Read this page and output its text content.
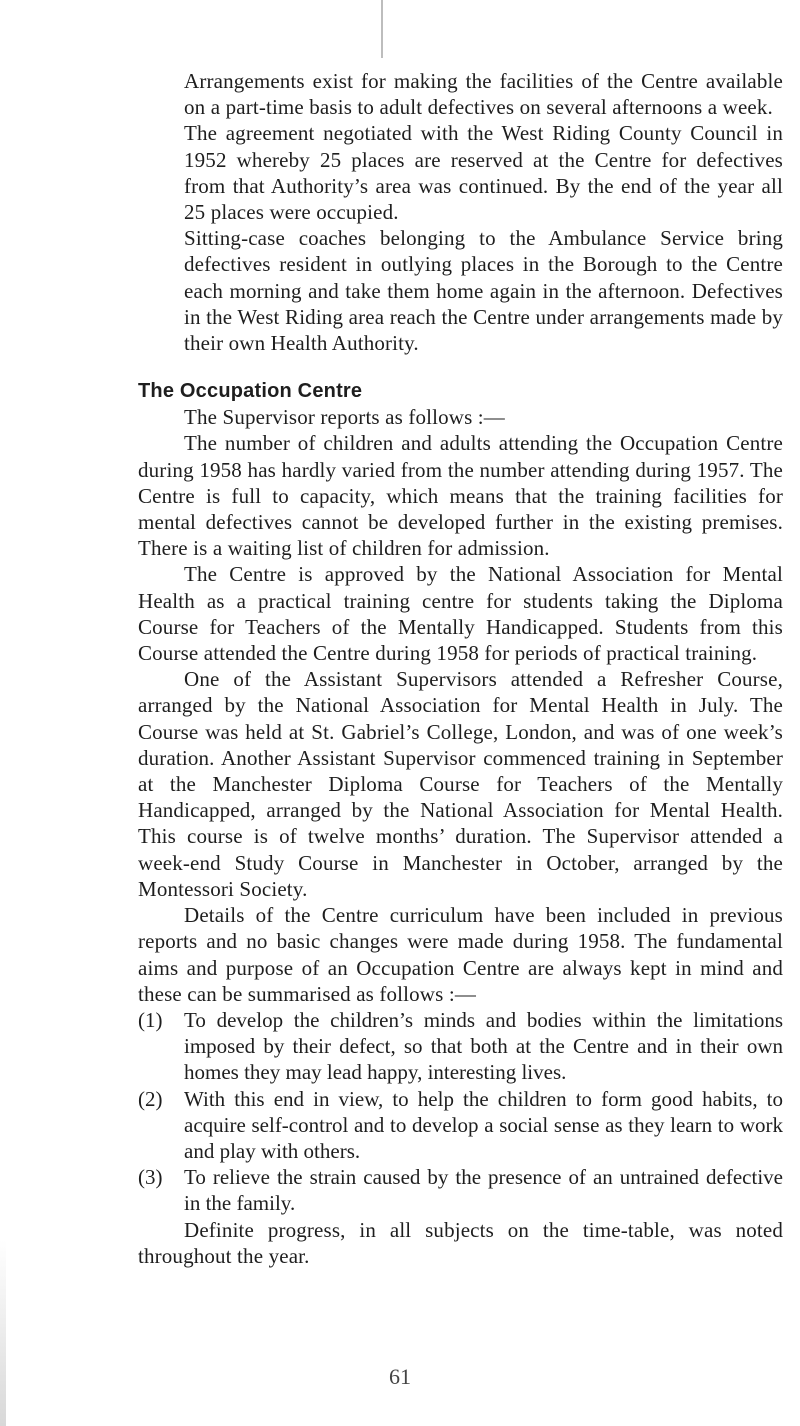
Arrangements exist for making the facilities of the Centre available on a part-time basis to adult defectives on several afternoons a week.

The agreement negotiated with the West Riding County Council in 1952 whereby 25 places are reserved at the Centre for defectives from that Authority’s area was continued. By the end of the year all 25 places were occupied.

Sitting-case coaches belonging to the Ambulance Service bring defectives resident in outlying places in the Borough to the Centre each morning and take them home again in the afternoon. Defectives in the West Riding area reach the Centre under arrangements made by their own Health Authority.

The Occupation Centre

The Supervisor reports as follows :—

The number of children and adults attending the Occupation Centre during 1958 has hardly varied from the number attending during 1957. The Centre is full to capacity, which means that the training facilities for mental defectives cannot be developed further in the existing premises. There is a waiting list of children for admission.

The Centre is approved by the National Association for Mental Health as a practical training centre for students taking the Diploma Course for Teachers of the Mentally Handicapped. Students from this Course attended the Centre during 1958 for periods of practical training.

One of the Assistant Supervisors attended a Refresher Course, arranged by the National Association for Mental Health in July. The Course was held at St. Gabriel’s College, London, and was of one week’s duration. Another Assistant Supervisor commenced training in September at the Manchester Diploma Course for Teachers of the Mentally Handicapped, arranged by the National Association for Mental Health. This course is of twelve months’ duration. The Supervisor attended a week-end Study Course in Manchester in October, arranged by the Montessori Society.

Details of the Centre curriculum have been included in previous reports and no basic changes were made during 1958. The fundamental aims and purpose of an Occupation Centre are always kept in mind and these can be summarised as follows :—

(1)	To develop the children’s minds and bodies within the limitations imposed by their defect, so that both at the Centre and in their own homes they may lead happy, interesting lives.
(2)	With this end in view, to help the children to form good habits, to acquire self-control and to develop a social sense as they learn to work and play with others.
(3)	To relieve the strain caused by the presence of an untrained defective in the family.

Definite progress, in all subjects on the time-table, was noted throughout the year.

61
